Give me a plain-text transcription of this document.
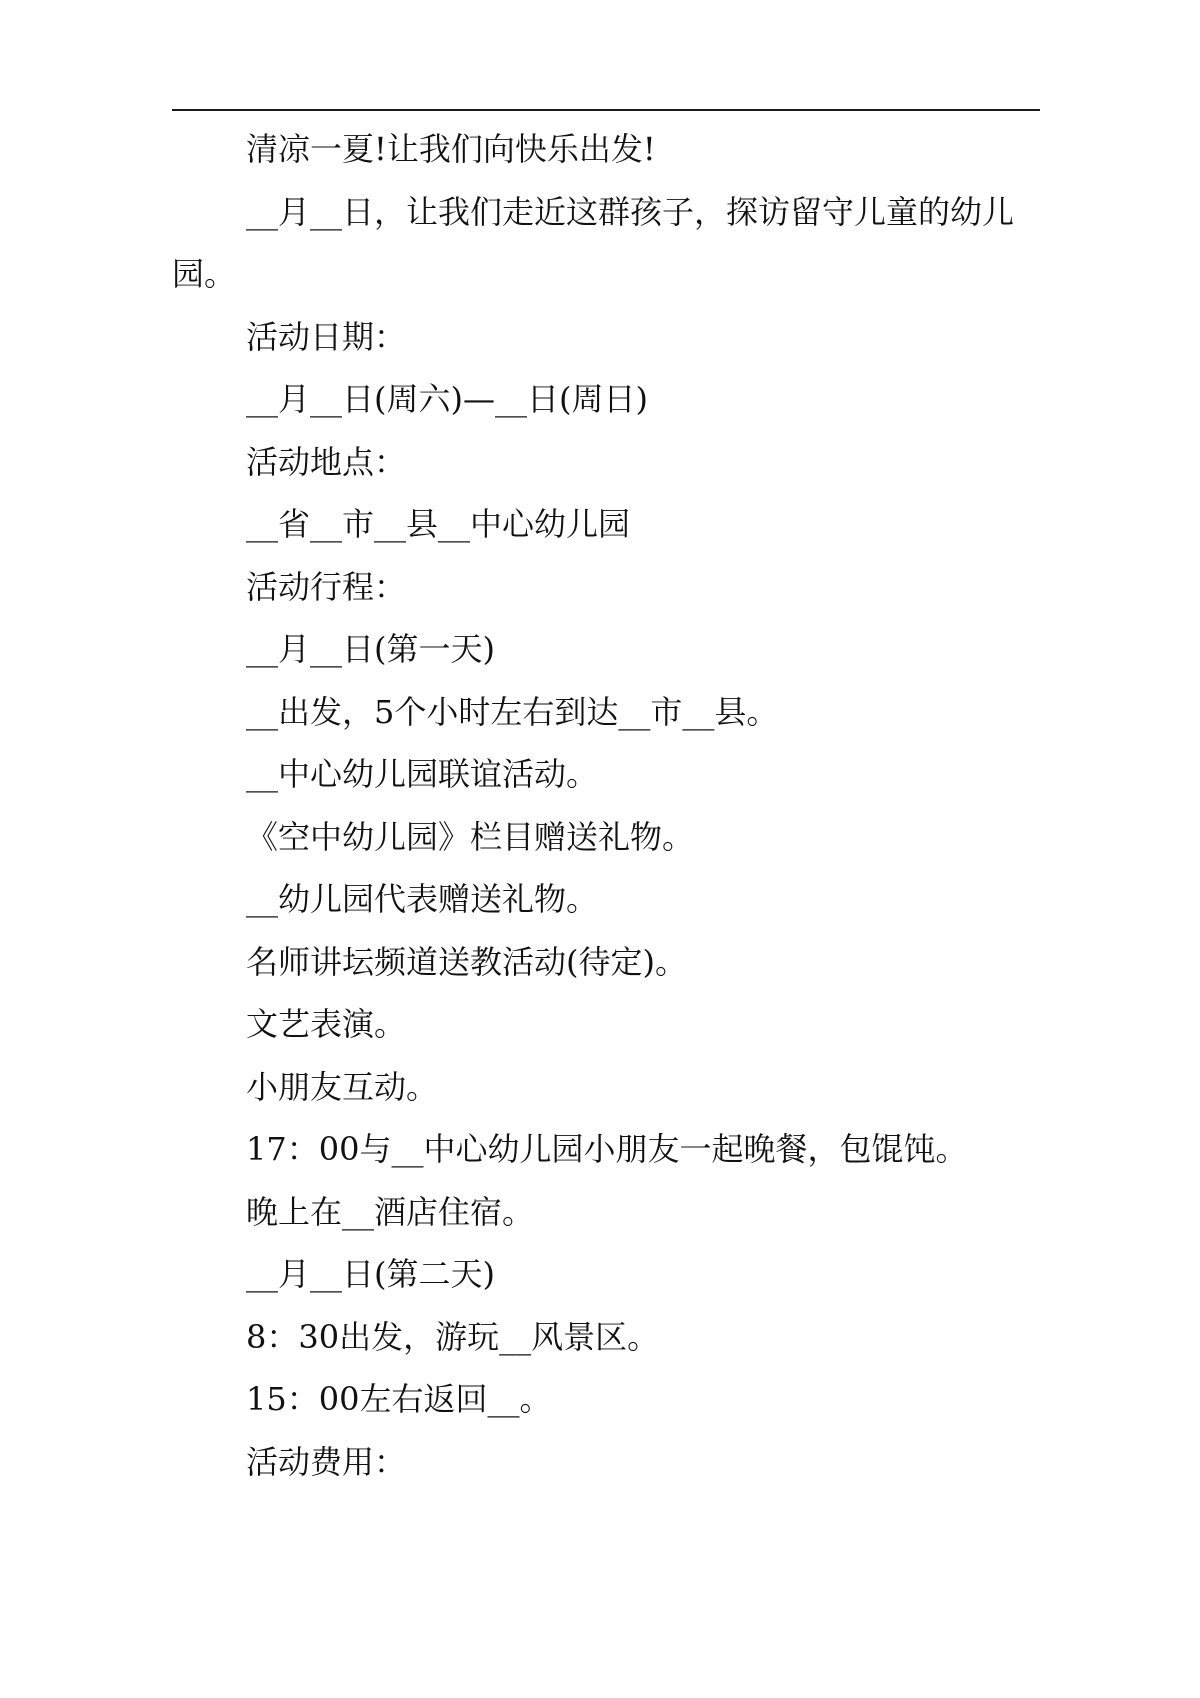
清凉一夏!让我们向快乐出发!

__月__日，让我们走近这群孩子，探访留守儿童的幼儿园。

活动日期：

__月__日(周六)—__日(周日)

活动地点：

__省__市__县__中心幼儿园

活动行程：

__月__日(第一天)

__出发，5个小时左右到达__市__县。

__中心幼儿园联谊活动。

《空中幼儿园》栏目赠送礼物。

__幼儿园代表赠送礼物。

名师讲坛频道送教活动(待定)。

文艺表演。

小朋友互动。

17：00与__中心幼儿园小朋友一起晚餐，包馄饨。

晚上在__酒店住宿。

__月__日(第二天)

8：30出发，游玩__风景区。

15：00左右返回__。

活动费用：
